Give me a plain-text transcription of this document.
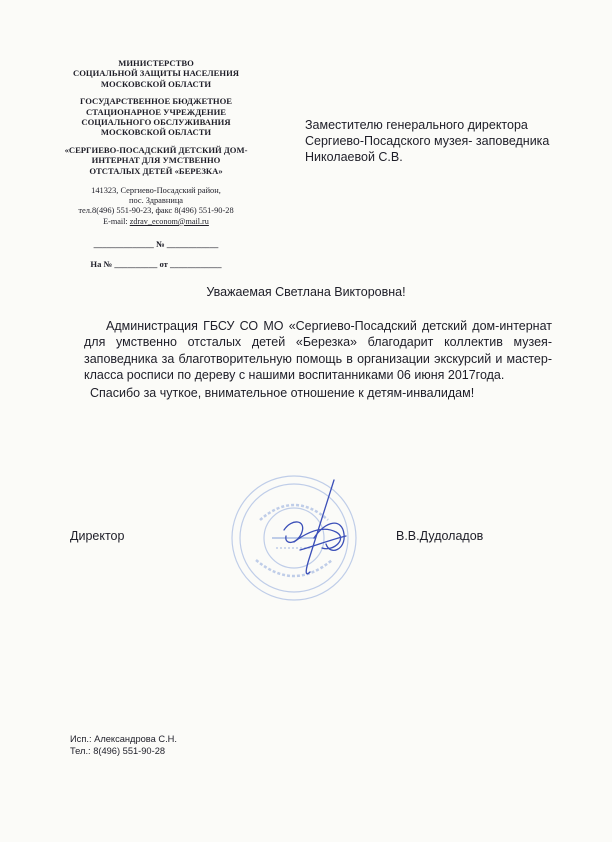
МИНИСТЕРСТВО
СОЦИАЛЬНОЙ ЗАЩИТЫ НАСЕЛЕНИЯ
МОСКОВСКОЙ ОБЛАСТИ
ГОСУДАРСТВЕННОЕ БЮДЖЕТНОЕ
СТАЦИОНАРНОЕ УЧРЕЖДЕНИЕ
СОЦИАЛЬНОГО ОБСЛУЖИВАНИЯ
МОСКОВСКОЙ ОБЛАСТИ
«СЕРГИЕВО-ПОСАДСКИЙ ДЕТСКИЙ ДОМ-
ИНТЕРНАТ ДЛЯ УМСТВЕННО
ОТСТАЛЫХ ДЕТЕЙ «БЕРЕЗКА»
141323, Сергиево-Посадский район,
пос. Здравница
тел.8(496) 551-90-23, факс 8(496) 551-90-28
E-mail: zdrav_econom@mail.ru
______________ № ____________
На № __________ от ____________
Заместителю генерального директора
Сергиево-Посадского музея- заповедника
Николаевой С.В.
Уважаемая Светлана Викторовна!

Администрация ГБСУ СО МО «Сергиево-Посадский детский дом-интернат для умственно отсталых детей «Березка» благодарит коллектив музея-заповедника за благотворительную помощь в организации экскурсий и мастер-класса росписи по дереву с нашими воспитанниками 06 июня 2017года.

Спасибо за чуткое, внимательное отношение к детям-инвалидам!

Директор	В.В.Дудоладов
Исп.: Александрова С.Н.
Тел.: 8(496) 551-90-28
